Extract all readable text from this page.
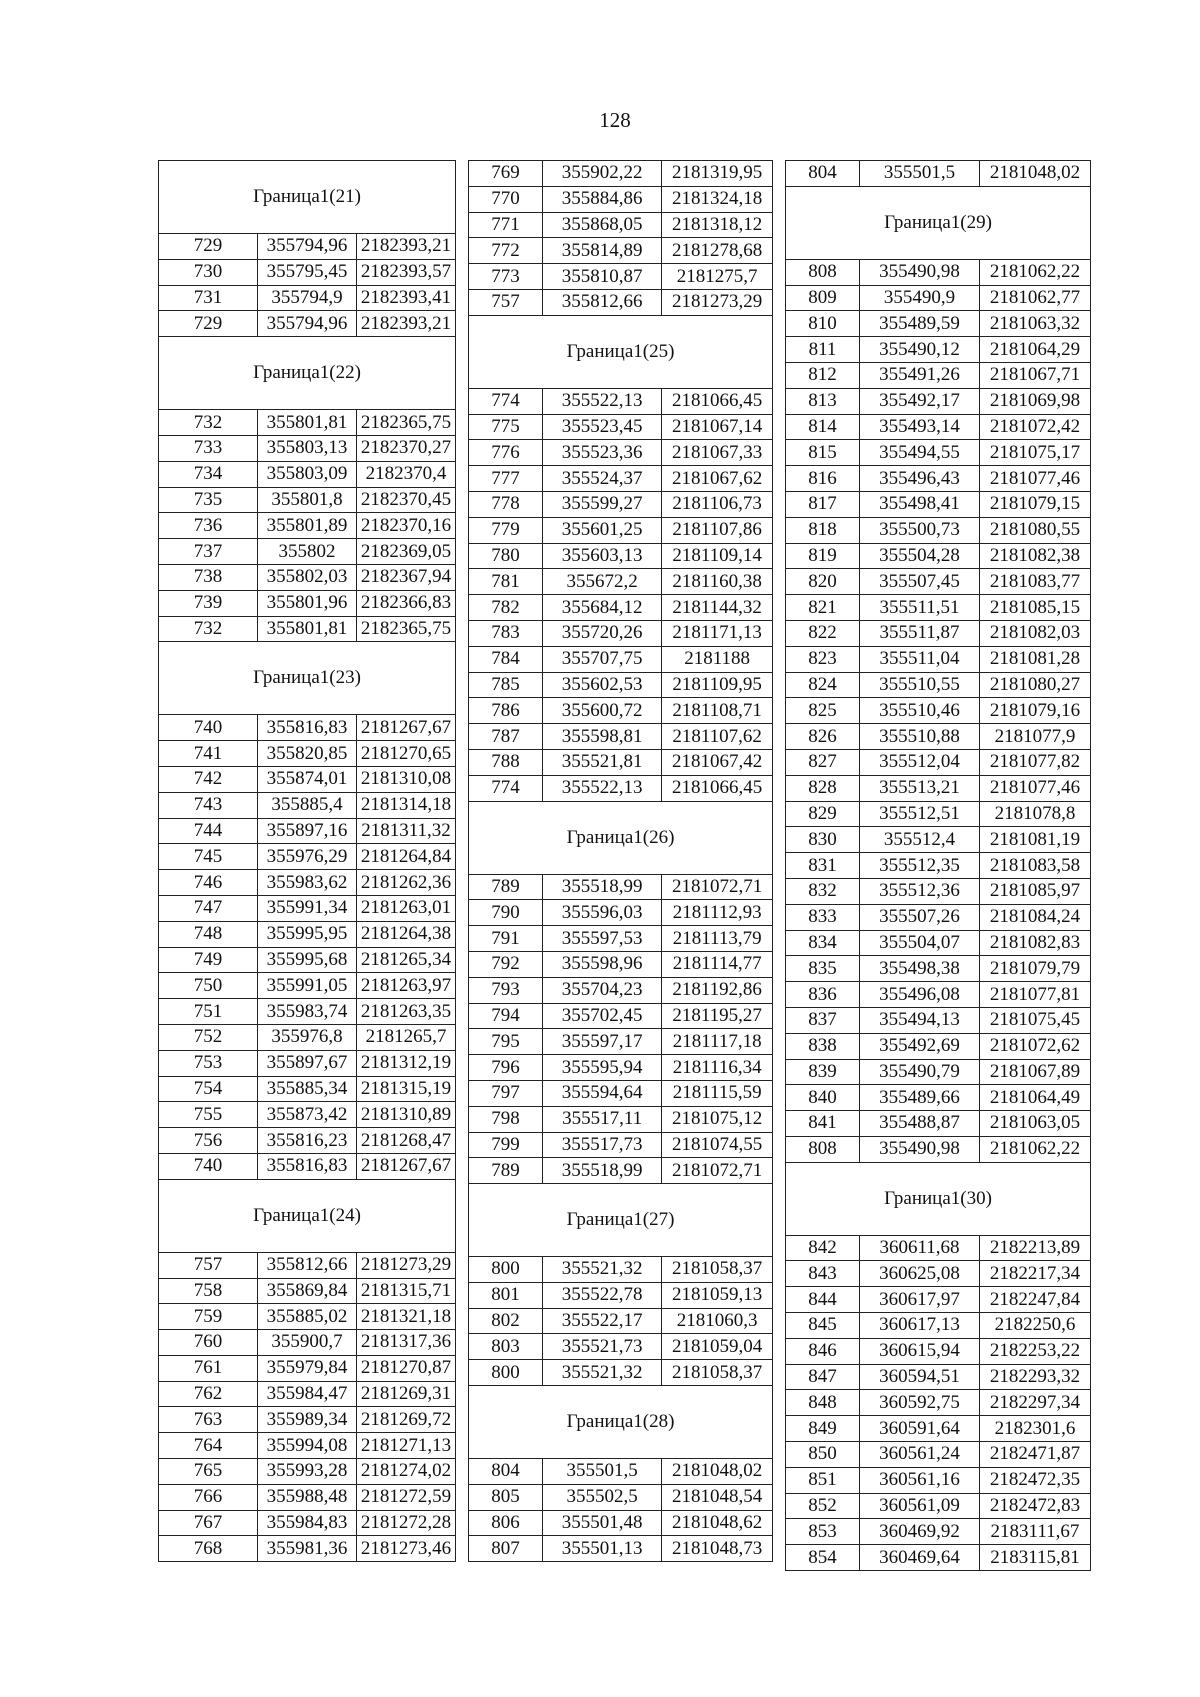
128
Граница1(21)		
729	355794,96	2182393,21
730	355795,45	2182393,57
731	355794,9	2182393,41
729	355794,96	2182393,21
Граница1(22)		
732	355801,81	2182365,75
733	355803,13	2182370,27
734	355803,09	2182370,4
735	355801,8	2182370,45
736	355801,89	2182370,16
737	355802	2182369,05
738	355802,03	2182367,94
739	355801,96	2182366,83
732	355801,81	2182365,75
Граница1(23)		
740	355816,83	2181267,67
741	355820,85	2181270,65
742	355874,01	2181310,08
743	355885,4	2181314,18
744	355897,16	2181311,32
745	355976,29	2181264,84
746	355983,62	2181262,36
747	355991,34	2181263,01
748	355995,95	2181264,38
749	355995,68	2181265,34
750	355991,05	2181263,97
751	355983,74	2181263,35
752	355976,8	2181265,7
753	355897,67	2181312,19
754	355885,34	2181315,19
755	355873,42	2181310,89
756	355816,23	2181268,47
740	355816,83	2181267,67
Граница1(24)		
757	355812,66	2181273,29
758	355869,84	2181315,71
759	355885,02	2181321,18
760	355900,7	2181317,36
761	355979,84	2181270,87
762	355984,47	2181269,31
763	355989,34	2181269,72
764	355994,08	2181271,13
765	355993,28	2181274,02
766	355988,48	2181272,59
767	355984,83	2181272,28
768	355981,36	2181273,46
769	355902,22	2181319,95
770	355884,86	2181324,18
771	355868,05	2181318,12
772	355814,89	2181278,68
773	355810,87	2181275,7
757	355812,66	2181273,29
Граница1(25)		
774	355522,13	2181066,45
775	355523,45	2181067,14
776	355523,36	2181067,33
777	355524,37	2181067,62
778	355599,27	2181106,73
779	355601,25	2181107,86
780	355603,13	2181109,14
781	355672,2	2181160,38
782	355684,12	2181144,32
783	355720,26	2181171,13
784	355707,75	2181188
785	355602,53	2181109,95
786	355600,72	2181108,71
787	355598,81	2181107,62
788	355521,81	2181067,42
774	355522,13	2181066,45
Граница1(26)		
789	355518,99	2181072,71
790	355596,03	2181112,93
791	355597,53	2181113,79
792	355598,96	2181114,77
793	355704,23	2181192,86
794	355702,45	2181195,27
795	355597,17	2181117,18
796	355595,94	2181116,34
797	355594,64	2181115,59
798	355517,11	2181075,12
799	355517,73	2181074,55
789	355518,99	2181072,71
Граница1(27)		
800	355521,32	2181058,37
801	355522,78	2181059,13
802	355522,17	2181060,3
803	355521,73	2181059,04
800	355521,32	2181058,37
Граница1(28)		
804	355501,5	2181048,02
805	355502,5	2181048,54
806	355501,48	2181048,62
807	355501,13	2181048,73
804	355501,5	2181048,02
Граница1(29)		
808	355490,98	2181062,22
809	355490,9	2181062,77
810	355489,59	2181063,32
811	355490,12	2181064,29
812	355491,26	2181067,71
813	355492,17	2181069,98
814	355493,14	2181072,42
815	355494,55	2181075,17
816	355496,43	2181077,46
817	355498,41	2181079,15
818	355500,73	2181080,55
819	355504,28	2181082,38
820	355507,45	2181083,77
821	355511,51	2181085,15
822	355511,87	2181082,03
823	355511,04	2181081,28
824	355510,55	2181080,27
825	355510,46	2181079,16
826	355510,88	2181077,9
827	355512,04	2181077,82
828	355513,21	2181077,46
829	355512,51	2181078,8
830	355512,4	2181081,19
831	355512,35	2181083,58
832	355512,36	2181085,97
833	355507,26	2181084,24
834	355504,07	2181082,83
835	355498,38	2181079,79
836	355496,08	2181077,81
837	355494,13	2181075,45
838	355492,69	2181072,62
839	355490,79	2181067,89
840	355489,66	2181064,49
841	355488,87	2181063,05
808	355490,98	2181062,22
Граница1(30)		
842	360611,68	2182213,89
843	360625,08	2182217,34
844	360617,97	2182247,84
845	360617,13	2182250,6
846	360615,94	2182253,22
847	360594,51	2182293,32
848	360592,75	2182297,34
849	360591,64	2182301,6
850	360561,24	2182471,87
851	360561,16	2182472,35
852	360561,09	2182472,83
853	360469,92	2183111,67
854	360469,64	2183115,81
